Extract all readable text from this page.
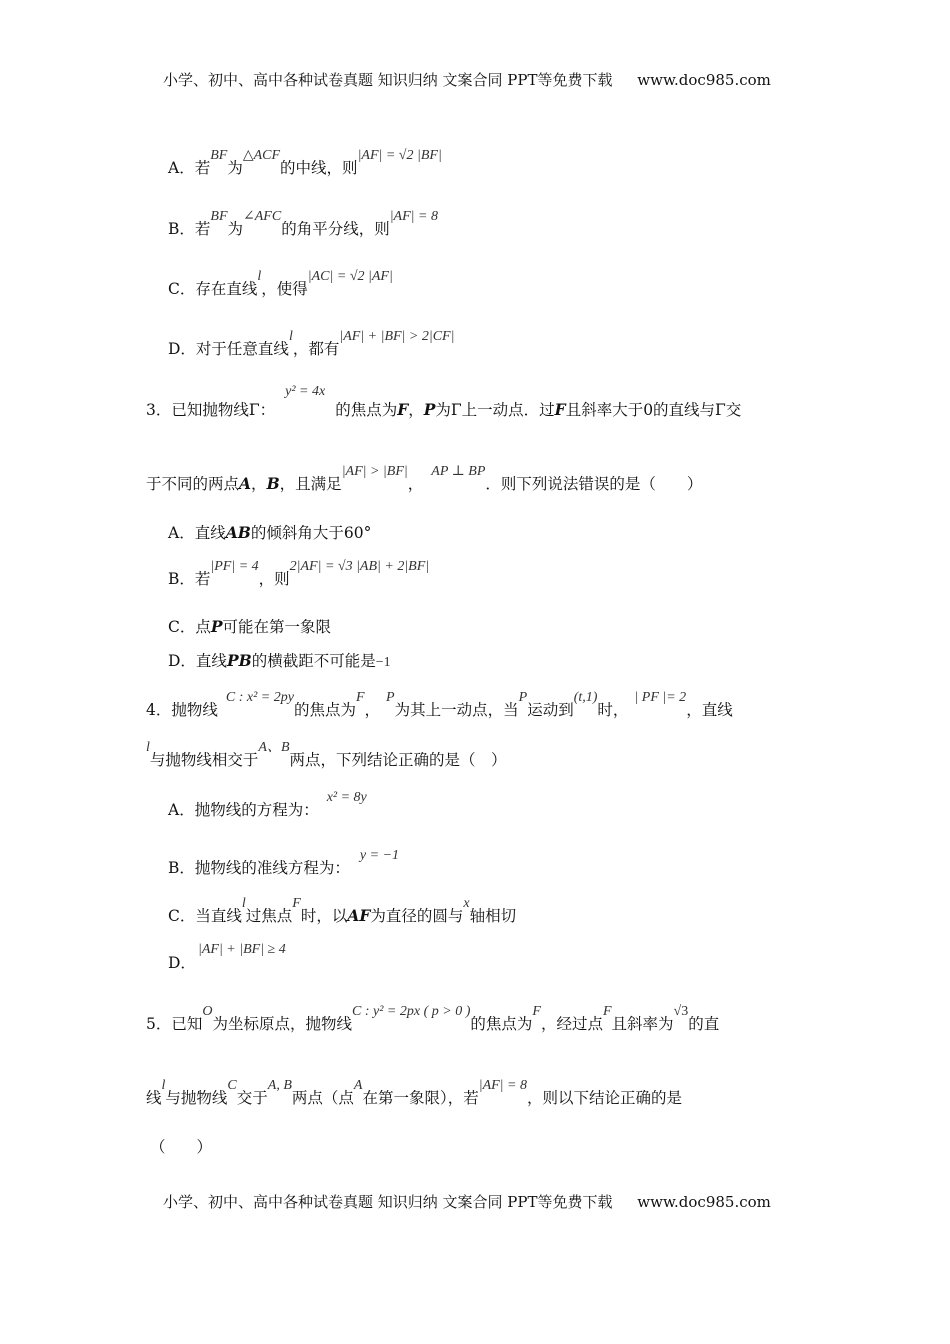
小学、初中、高中各种试卷真题 知识归纳 文案合同 PPT等免费下载 www.doc985.com
A．若BF为△ACF的中线，则|AF| = √2 |BF|
B．若BF为∠AFC的角平分线，则|AF| = 8
C．存在直线l，使得|AC| = √2 |AF|
D．对于任意直线l，都有|AF| + |BF| > 2|CF|
3．已知抛物线Γ：y² = 4x的焦点为F，P为Γ上一动点．过F且斜率大于0的直线与Γ交
于不同的两点A，B，且满足|AF| > |BF|，AP ⊥ BP．则下列说法错误的是（　　）
A．直线AB的倾斜角大于60°
B．若|PF| = 4，则2|AF| = √3 |AB| + 2|BF|
C．点P可能在第一象限
D．直线PB的横截距不可能是−1
4．抛物线C : x² = 2py的焦点为F，P为其上一动点，当P运动到(t,1)时，| PF |= 2，直线
l与抛物线相交于A、B两点，下列结论正确的是（　）
A．抛物线的方程为：x² = 8y
B．抛物线的准线方程为：y = −1
C．当直线l过焦点F时，以AF为直径的圆与x轴相切
|AF| + |BF| ≥ 4
D．
5．已知O为坐标原点，抛物线C : y² = 2px ( p > 0 )的焦点为F，经过点F且斜率为√3的直
线l与抛物线C交于A, B两点（点A在第一象限），若|AF| = 8，则以下结论正确的是
（　　）
小学、初中、高中各种试卷真题 知识归纳 文案合同 PPT等免费下载 www.doc985.com
